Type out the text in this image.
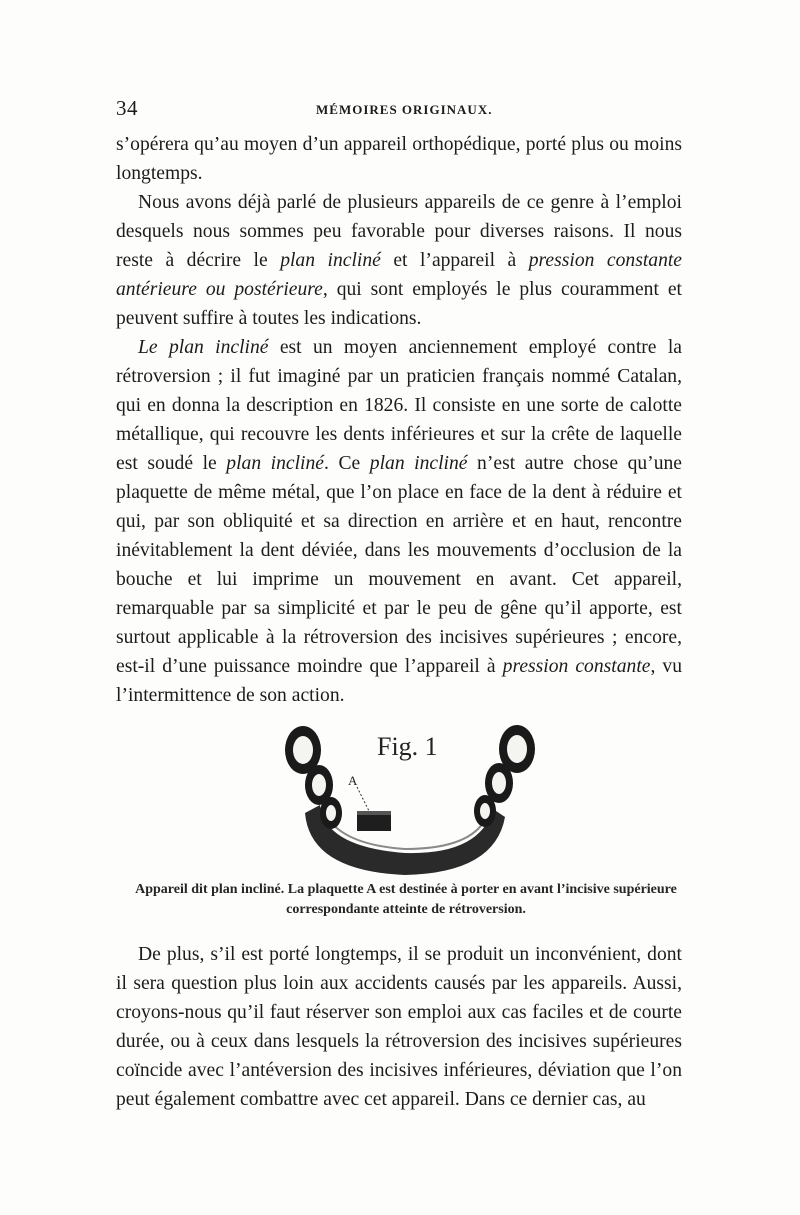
34	MÉMOIRES ORIGINAUX.

s’opérera qu’au moyen d’un appareil orthopédique, porté plus ou moins longtemps.

Nous avons déjà parlé de plusieurs appareils de ce genre à l’emploi desquels nous sommes peu favorable pour diverses raisons. Il nous reste à décrire le plan incliné et l’appareil à pression constante antérieure ou postérieure, qui sont employés le plus couramment et peuvent suffire à toutes les indications.

Le plan incliné est un moyen anciennement employé contre la rétroversion ; il fut imaginé par un praticien français nommé Catalan, qui en donna la description en 1826. Il consiste en une sorte de calotte métallique, qui recouvre les dents inférieures et sur la crête de laquelle est soudé le plan incliné. Ce plan incliné n’est autre chose qu’une plaquette de même métal, que l’on place en face de la dent à réduire et qui, par son obliquité et sa direction en arrière et en haut, rencontre inévitablement la dent déviée, dans les mouvements d’occlusion de la bouche et lui imprime un mouvement en avant. Cet appareil, remarquable par sa simplicité et par le peu de gêne qu’il apporte, est surtout applicable à la rétroversion des incisives supérieures ; encore, est-il d’une puissance moindre que l’appareil à pression constante, vu l’intermittence de son action.

A
Fig. 1
Appareil dit plan incliné. La plaquette A est destinée à porter en avant l’incisive supérieure correspondante atteinte de rétroversion.

De plus, s’il est porté longtemps, il se produit un inconvénient, dont il sera question plus loin aux accidents causés par les appareils. Aussi, croyons-nous qu’il faut réserver son emploi aux cas faciles et de courte durée, ou à ceux dans lesquels la rétroversion des incisives supérieures coïncide avec l’antéversion des incisives inférieures, déviation que l’on peut également combattre avec cet appareil. Dans ce dernier cas, au
